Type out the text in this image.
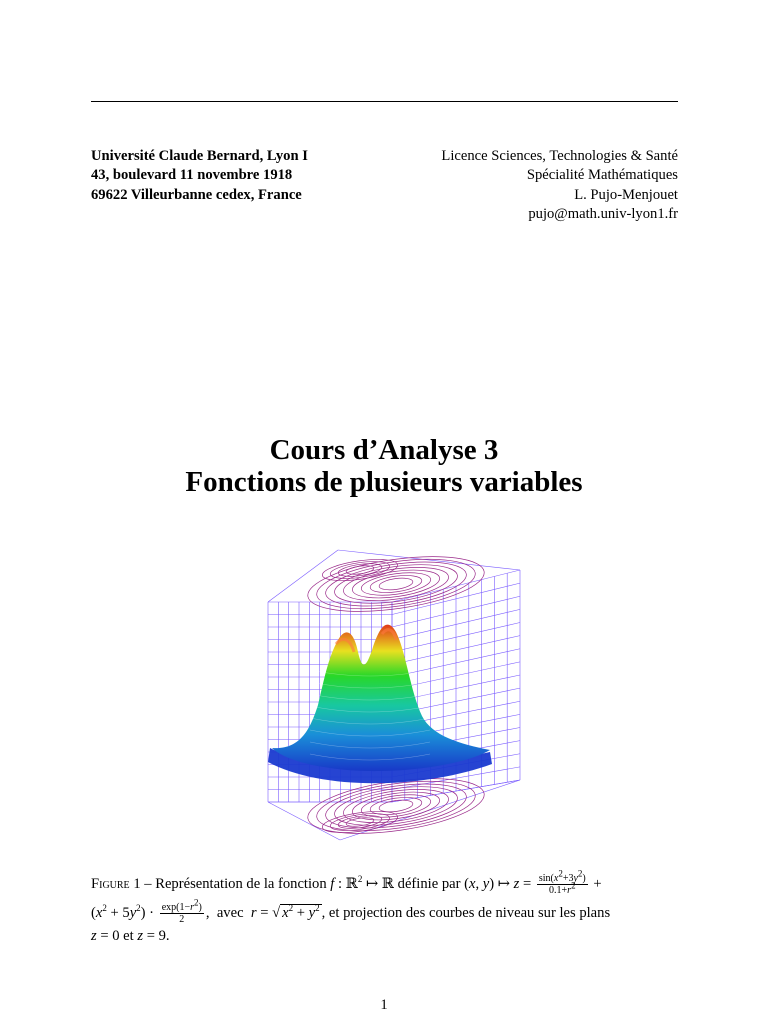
Université Claude Bernard, Lyon I
43, boulevard 11 novembre 1918
69622 Villeurbanne cedex, France
Licence Sciences, Technologies & Santé
Spécialité Mathématiques
L. Pujo-Menjouet
pujo@math.univ-lyon1.fr
Cours d’Analyse 3
Fonctions de plusieurs variables
Figure 1 – Représentation de la fonction f : ℝ$^2$ ↦ ℝ définie par (x, y) ↦ $z = \frac{\sin(x^2+3y^2)}{0.1+r^2}$ +
$(x^2 + 5y^2) \cdot \frac{\exp(1-r^2)}{2}$ ,  avec r = √ $x^2 + y^2$ , et projection des courbes de niveau sur les plans
z = 0 et z = 9.
1
